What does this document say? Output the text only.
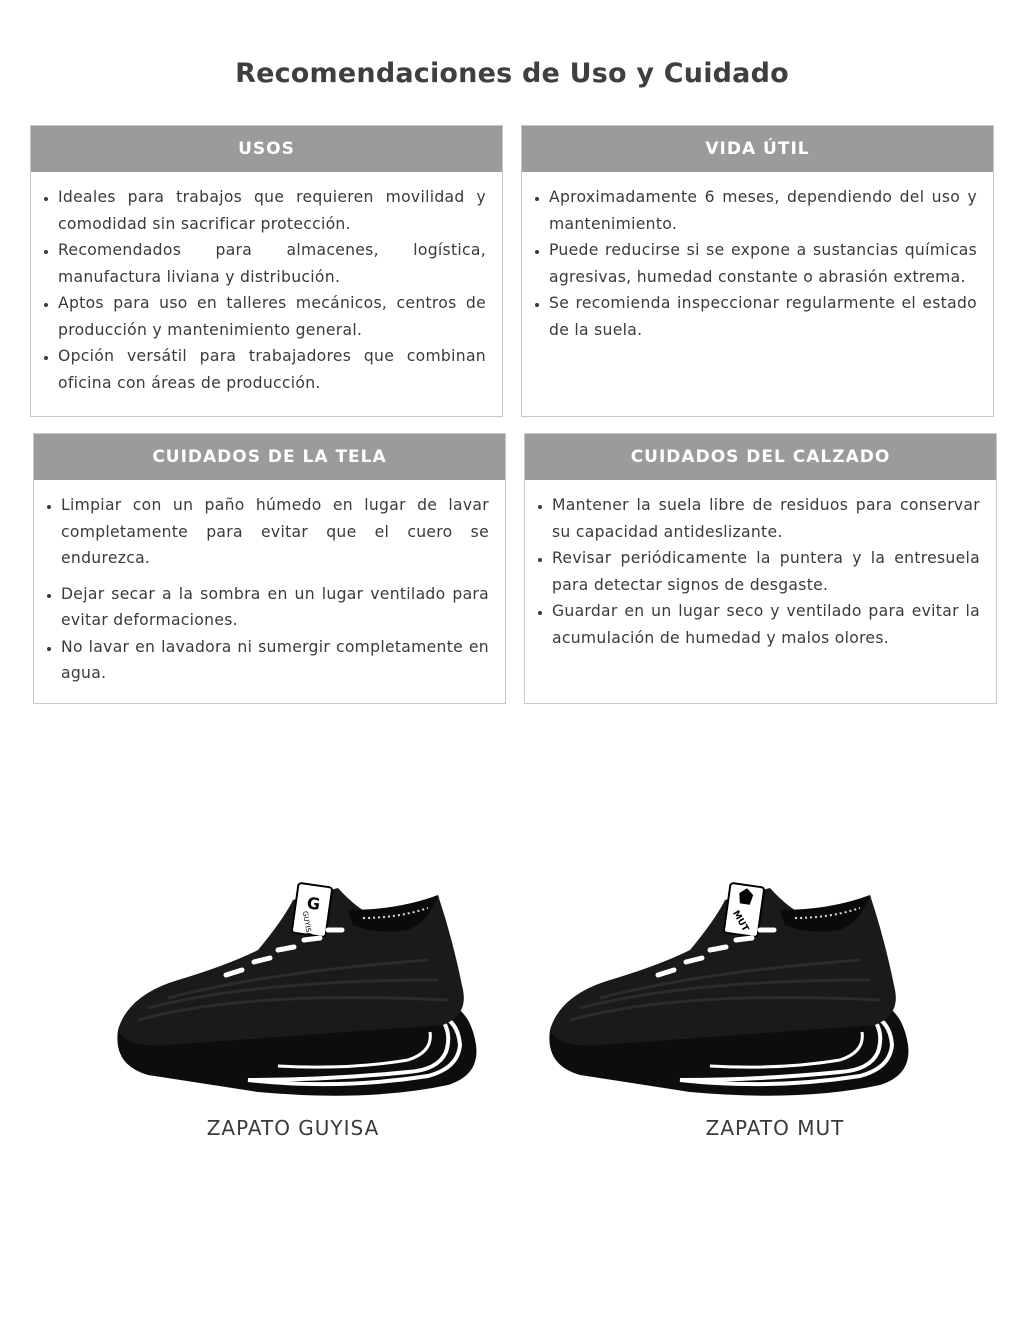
Recomendaciones de Uso y Cuidado
USOS
• Ideales para trabajos que requieren movilidad y comodidad sin sacrificar protección.
• Recomendados para almacenes, logística, manufactura liviana y distribución.
• Aptos para uso en talleres mecánicos, centros de producción y mantenimiento general.
• Opción versátil para trabajadores que combinan oficina con áreas de producción.
VIDA ÚTIL
• Aproximadamente 6 meses, dependiendo del uso y mantenimiento.
• Puede reducirse si se expone a sustancias químicas agresivas, humedad constante o abrasión extrema.
• Se recomienda inspeccionar regularmente el estado de la suela.
CUIDADOS DE LA TELA
• Limpiar con un paño húmedo en lugar de lavar completamente para evitar que el cuero se endurezca.
• Dejar secar a la sombra en un lugar ventilado para evitar deformaciones.
• No lavar en lavadora ni sumergir completamente en agua.
CUIDADOS DEL CALZADO
• Mantener la suela libre de residuos para conservar su capacidad antideslizante.
• Revisar periódicamente la puntera y la entresuela para detectar signos de desgaste.
• Guardar en un lugar seco y ventilado para evitar la acumulación de humedad y malos olores.
G
GUYISA	MUT
ZAPATO GUYISA	ZAPATO MUT
